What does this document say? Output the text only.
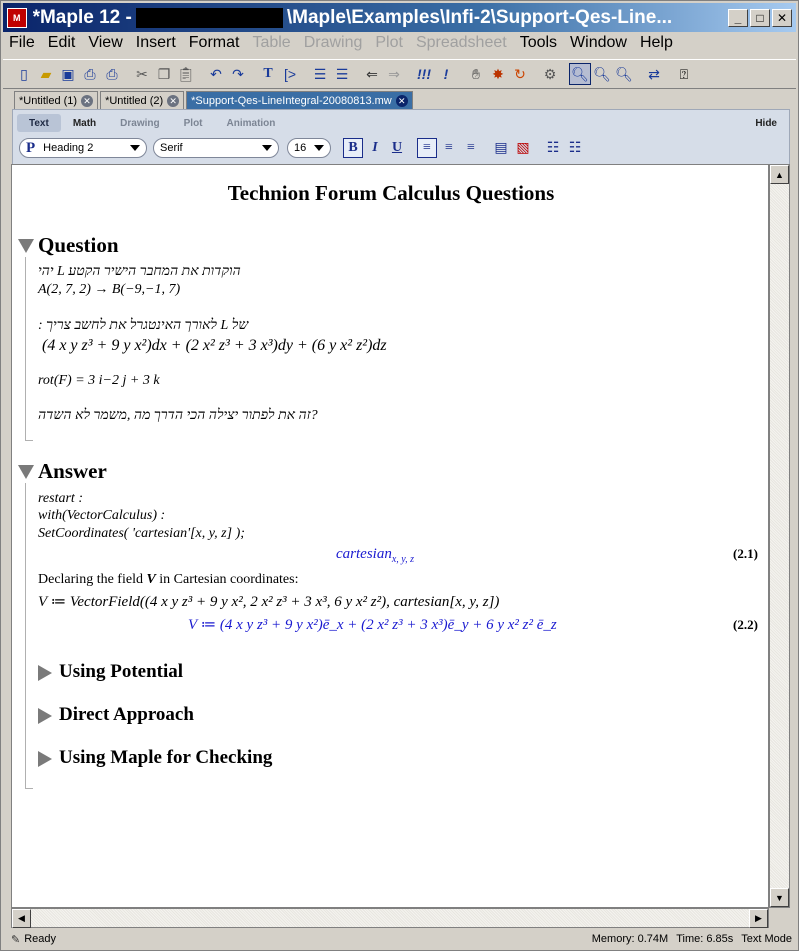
M *Maple 12 -	\Maple\Examples\Infi-2\Support-Qes-Line...	_	□	✕
File Edit View Insert Format Table Drawing Plot Spreadsheet Tools Window Help
▯ ▰ ▣ ⎙ ⎙	✂ ❐ 📋︎	↶ ↷	T [>	☰ ☰	⇐ ⇒	!!! !	✋︎ ✸ ↻	⚙	🔍︎ 🔍︎ 🔍︎	⇄	⍰
*Untitled (1) ✕ *Untitled (2) ✕ *Support-Qes-LineIntegral-20080813.mw ✕
Text	Math	Drawing	Plot	Animation	Hide
P Heading 2	Serif	16	B	I	U	≡	≡	≡	▤ ▧ ☷ ☷
Technion Forum Calculus Questions
Question
הוקדות את המחבר הישיר הקטע L יהי
A(2, 7, 2) → B(−9,−1, 7)
של L לאורך האינטגרל את לחשב צריך :
(4 x y z³ + 9 y x²)dx + (2 x² z³ + 3 x³)dy + (6 y x² z²)dz
rot(F) = 3 i−2 j + 3 k
?זה את לפתור יצילה הכי הדרך מה ,משמר לא השדה
Answer
restart :
with(VectorCalculus) :
SetCoordinates( 'cartesian'[x, y, z] );
cartesian$_{x, y, z}$	(2.1)
Declaring the field V in Cartesian coordinates:
V ≔ VectorField((4 x y z³ + 9 y x², 2 x² z³ + 3 x³, 6 y x² z²), cartesian[x, y, z])
V ≔ (4 x y z³ + 9 y x²)ē_x + (2 x² z³ + 3 x³)ē_y + 6 y x² z² ē_z	(2.2)
Using Potential
Direct Approach
Using Maple for Checking
▲
▼
◀	▶
✎ Ready	Memory: 0.74M Time: 6.85s Text Mode
